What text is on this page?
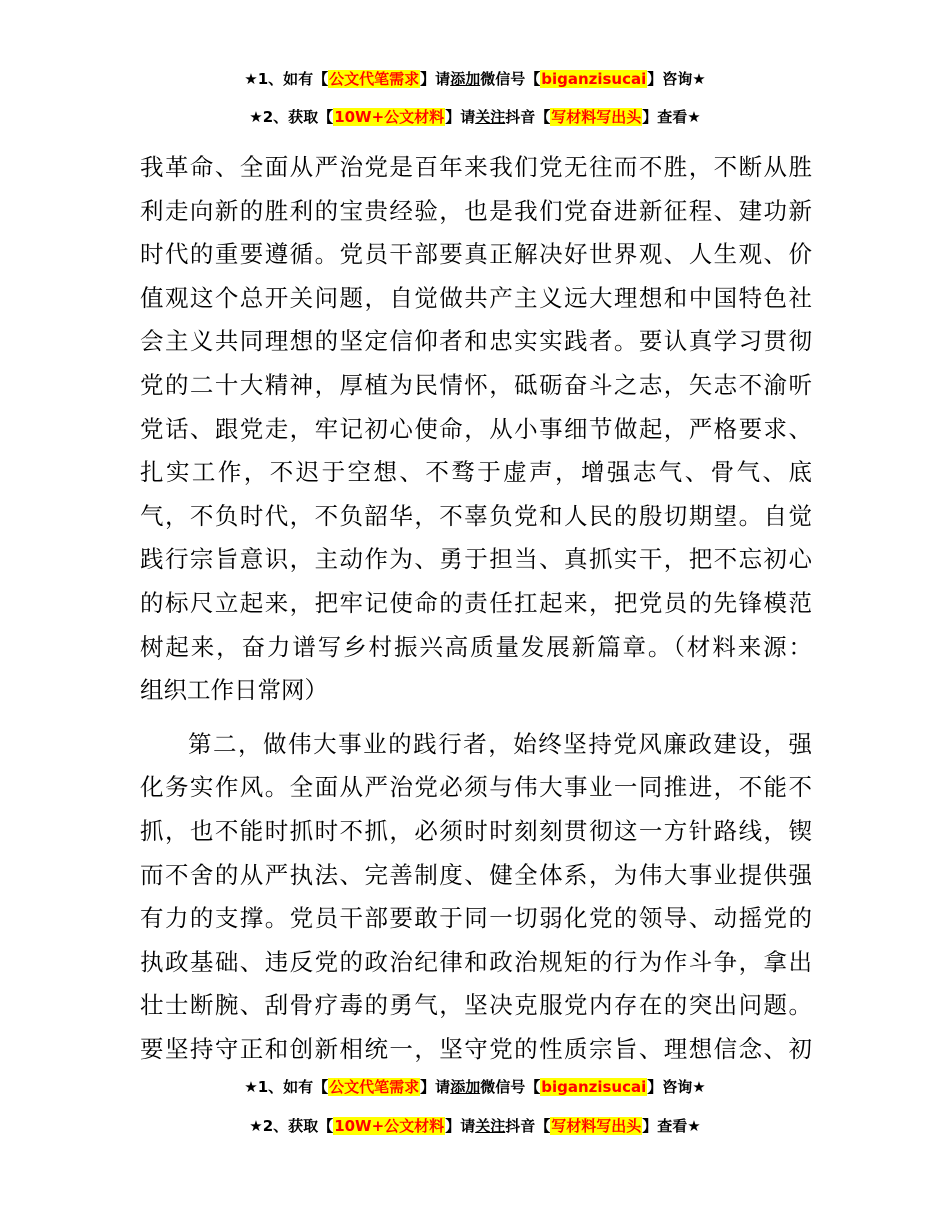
★1、如有【公文代笔需求】请添加微信号【biganzisucai】咨询★
★2、获取【10W+公文材料】请关注抖音【写材料写出头】查看★
我革命、全面从严治党是百年来我们党无往而不胜，不断从胜
利走向新的胜利的宝贵经验，也是我们党奋进新征程、建功新
时代的重要遵循。党员干部要真正解决好世界观、人生观、价
值观这个总开关问题，自觉做共产主义远大理想和中国特色社
会主义共同理想的坚定信仰者和忠实实践者。要认真学习贯彻
党的二十大精神，厚植为民情怀，砥砺奋斗之志，矢志不渝听
党话、跟党走，牢记初心使命，从小事细节做起，严格要求、
扎实工作，不迟于空想、不骛于虚声，增强志气、骨气、底
气，不负时代，不负韶华，不辜负党和人民的殷切期望。自觉
践行宗旨意识，主动作为、勇于担当、真抓实干，把不忘初心
的标尺立起来，把牢记使命的责任扛起来，把党员的先锋模范
树起来，奋力谱写乡村振兴高质量发展新篇章。（材料来源：
组织工作日常网）
第二，做伟大事业的践行者，始终坚持党风廉政建设，强
化务实作风。全面从严治党必须与伟大事业一同推进，不能不
抓，也不能时抓时不抓，必须时时刻刻贯彻这一方针路线，锲
而不舍的从严执法、完善制度、健全体系，为伟大事业提供强
有力的支撑。党员干部要敢于同一切弱化党的领导、动摇党的
执政基础、违反党的政治纪律和政治规矩的行为作斗争，拿出
壮士断腕、刮骨疗毒的勇气，坚决克服党内存在的突出问题。
要坚持守正和创新相统一，坚守党的性质宗旨、理想信念、初
★1、如有【公文代笔需求】请添加微信号【biganzisucai】咨询★
★2、获取【10W+公文材料】请关注抖音【写材料写出头】查看★
